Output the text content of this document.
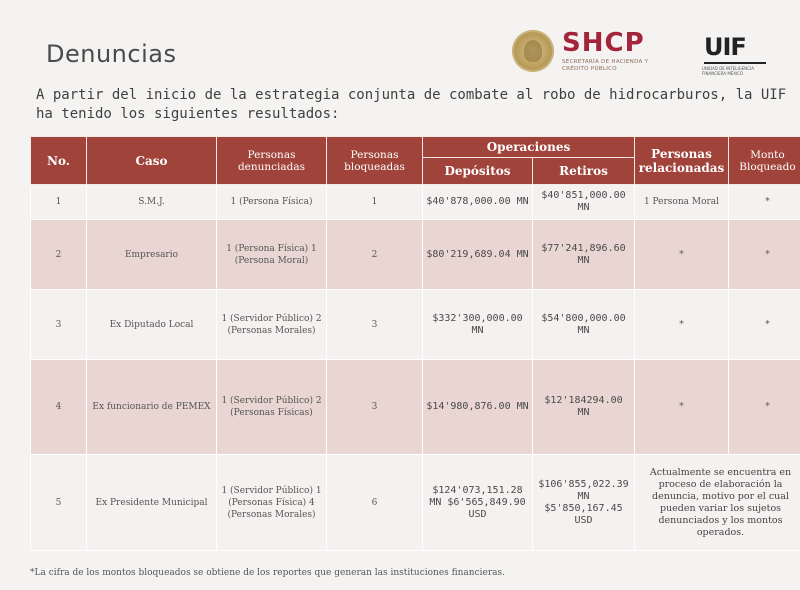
Denuncias	SHCP
SECRETARÍA DE HACIENDA Y CRÉDITO PÚBLICO
UIF
UNIDAD DE INTELIGENCIA FINANCIERA MÉXICO
A partir del inicio de la estrategia conjunta de combate al robo de hidrocarburos, la UIF ha tenido los siguientes resultados:
No.	Caso	Personas denunciadas	Personas bloqueadas	Operaciones		Personas relacionadas	Monto Bloqueado
				Depósitos	Retiros		
1	S.M.J.	1 (Persona Física)	1	$40'878,000.00 MN	$40'851,000.00 MN	1 Persona Moral	*
2	Empresario	1 (Persona Física) 1 (Persona Moral)	2	$80'219,689.04 MN	$77'241,896.60 MN	*	*
3	Ex Diputado Local	1 (Servidor Público) 2 (Personas Morales)	3	$332'300,000.00 MN	$54'800,000.00 MN	*	*
4	Ex funcionario de PEMEX	1 (Servidor Público) 2 (Personas Físicas)	3	$14'980,876.00 MN	$12'184294.00 MN	*	*
5	Ex Presidente Municipal	1 (Servidor Público) 1 (Personas Física) 4 (Personas Morales)	6	$124'073,151.28 MN $6'565,849.90 USD	$106'855,022.39 MN $5'850,167.45 USD	Actualmente se encuentra en proceso de elaboración la denuncia, motivo por el cual pueden variar los sujetos denunciados y los montos operados.	
*La cifra de los montos bloqueados se obtiene de los reportes que generan las instituciones financieras.
